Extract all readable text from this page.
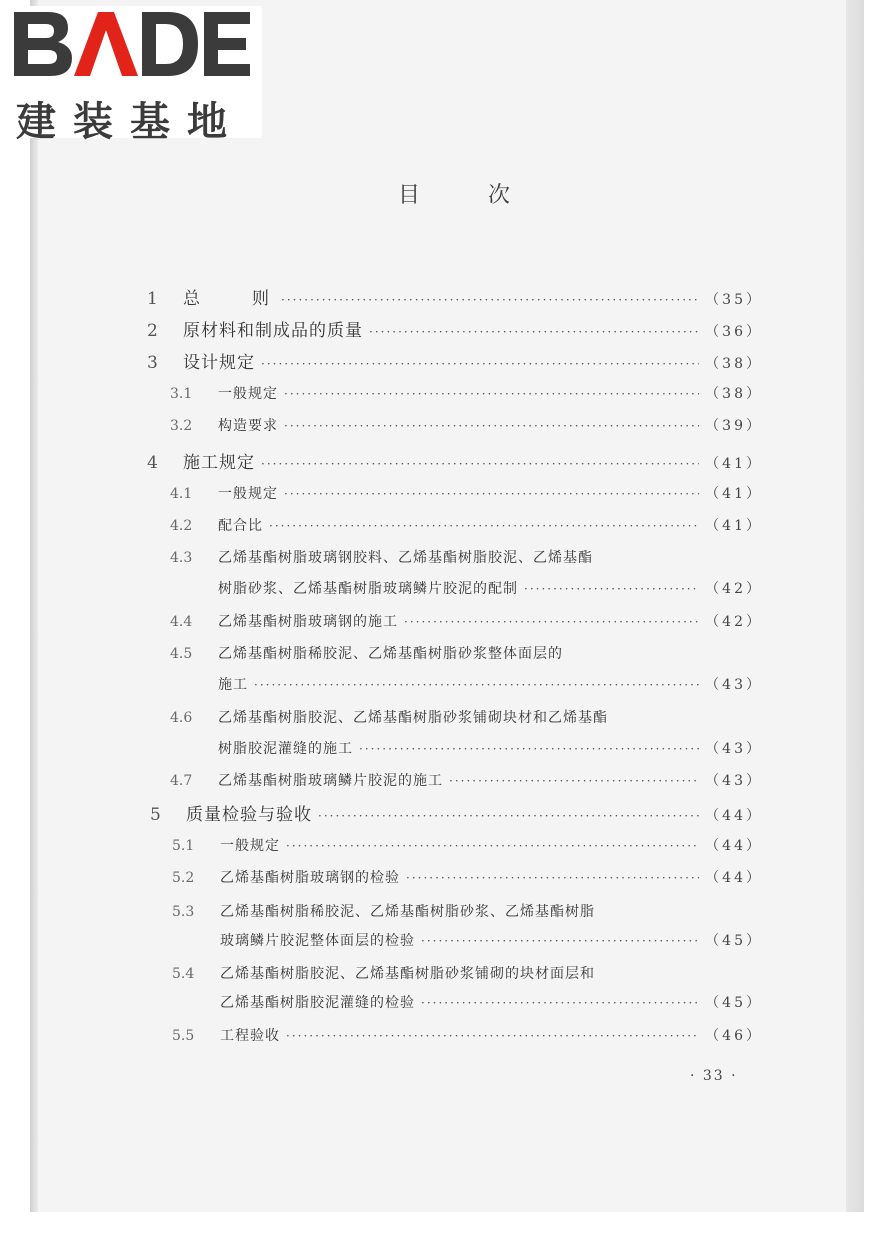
建装基地
目次
1	总　　则 ·····	（35）
2	原材料和制成品的质量 ·····	（36）
3	设计规定 ·····	（38）
3.1	一般规定 ·····	（38）
3.2	构造要求 ·····	（39）
4	施工规定 ·····	（41）
4.1	一般规定 ·····	（41）
4.2	配合比 ·····	（41）
4.3	乙烯基酯树脂玻璃钢胶料、乙烯基酯树脂胶泥、乙烯基酯
树脂砂浆、乙烯基酯树脂玻璃鳞片胶泥的配制 ·····	（42）
4.4	乙烯基酯树脂玻璃钢的施工 ·····	（42）
4.5	乙烯基酯树脂稀胶泥、乙烯基酯树脂砂浆整体面层的
施工 ·····	（43）
4.6	乙烯基酯树脂胶泥、乙烯基酯树脂砂浆铺砌块材和乙烯基酯
树脂胶泥灌缝的施工 ·····	（43）
4.7	乙烯基酯树脂玻璃鳞片胶泥的施工 ·····	（43）
5	质量检验与验收 ·····	（44）
5.1	一般规定 ·····	（44）
5.2	乙烯基酯树脂玻璃钢的检验 ·····	（44）
5.3	乙烯基酯树脂稀胶泥、乙烯基酯树脂砂浆、乙烯基酯树脂
玻璃鳞片胶泥整体面层的检验 ·····	（45）
5.4	乙烯基酯树脂胶泥、乙烯基酯树脂砂浆铺砌的块材面层和
乙烯基酯树脂胶泥灌缝的检验 ·····	（45）
5.5	工程验收 ·····	（46）
· 33 ·
